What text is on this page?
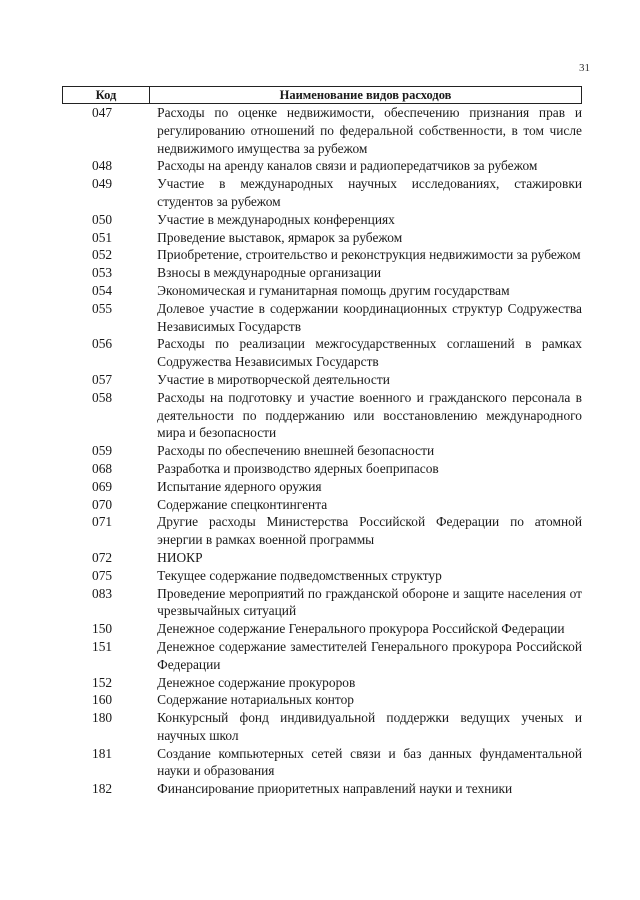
31
Код	Наименование видов расходов
047	Расходы по оценке недвижимости, обеспечению признания прав и регулированию отношений по федеральной собственности, в том числе недвижимого имущества за рубежом
048	Расходы на аренду каналов связи и радиопередатчиков за рубежом
049	Участие в международных научных исследованиях, стажировки студентов за рубежом
050	Участие в международных конференциях
051	Проведение выставок, ярмарок за рубежом
052	Приобретение, строительство и реконструкция недвижимости за рубежом
053	Взносы в международные организации
054	Экономическая и гуманитарная помощь другим государствам
055	Долевое участие в содержании координационных структур Содружества Независимых Государств
056	Расходы по реализации межгосударственных соглашений в рамках Содружества Независимых Государств
057	Участие в миротворческой деятельности
058	Расходы на подготовку и участие военного и гражданского персонала в деятельности по поддержанию или восстановлению международного мира и безопасности
059	Расходы по обеспечению внешней безопасности
068	Разработка и производство ядерных боеприпасов
069	Испытание ядерного оружия
070	Содержание спецконтингента
071	Другие расходы Министерства Российской Федерации по атомной энергии в рамках военной программы
072	НИОКР
075	Текущее содержание подведомственных структур
083	Проведение мероприятий по гражданской обороне и защите населения от чрезвычайных ситуаций
150	Денежное содержание Генерального прокурора Российской Федерации
151	Денежное содержание заместителей Генерального прокурора Российской Федерации
152	Денежное содержание прокуроров
160	Содержание нотариальных контор
180	Конкурсный фонд индивидуальной поддержки ведущих ученых и научных школ
181	Создание компьютерных сетей связи и баз данных фундаментальной науки и образования
182	Финансирование приоритетных направлений науки и техники
